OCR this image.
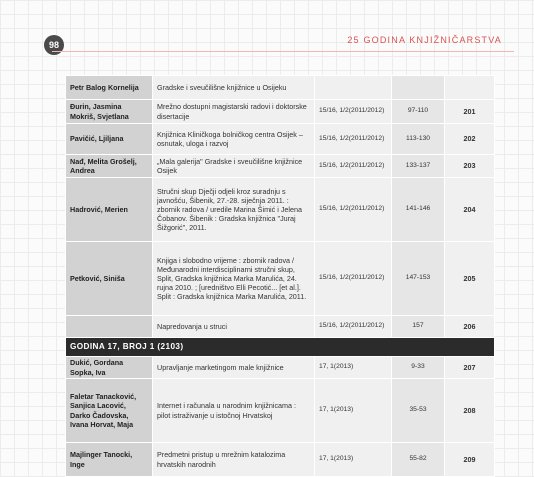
98	25 GODINA KNJIŽNIČARSTVA
Petr Balog Kornelija	Gradske i sveučilišne knjižnice u Osijeku			
Đurin, Jasmina Mokriš, Svjetlana	Mrežno dostupni magistarski radovi i doktorske disertacije	15/16, 1/2(2011/2012)	97-110	201
Pavičić, Ljiljana	Knjižnica Kliničkoga bolničkog centra Osijek – osnutak, uloga i razvoj	15/16, 1/2(2011/2012)	113-130	202
Nađ, Melita Grošelj, Andrea	„Mala galerija" Gradske i sveučilišne knjižnice Osijek	15/16, 1/2(2011/2012)	133-137	203
Hadrović, Merien	Stručni skup Dječji odjeli kroz suradnju s javnošću, Šibenik, 27.-28. siječnja 2011. : zbornik radova / uredile Marina Šimić i Jelena Čobanov. Šibenik : Gradska knjižnica "Juraj Šižgorić", 2011.	15/16, 1/2(2011/2012)	141-146	204
Petković, Siniša	Knjiga i slobodno vrijeme : zbornik radova / Međunarodni interdisciplinarni stručni skup, Split, Gradska knjižnica Marka Marulića, 24. rujna 2010. ; [uredništvo Elli Pecotić... [et al.]. Split : Gradska knjižnica Marka Marulića, 2011.	15/16, 1/2(2011/2012)	147-153	205
	Napredovanja u struci	15/16, 1/2(2011/2012)	157	206
GODINA 17, BROJ 1 (2103)				
Dukić, Gordana Sopka, Iva	Upravljanje marketingom male knjižnice	17, 1(2013)	9-33	207
Faletar Tanacković, Sanjica Lacović, Darko Čadovska, Ivana Horvat, Maja	Internet i računala u narodnim knjižnicama : pilot istraživanje u istočnoj Hrvatskoj	17, 1(2013)	35-53	208
Majlinger Tanocki, Inge	Predmetni pristup u mrežnim katalozima hrvatskih narodnih	17, 1(2013)	55-82	209
